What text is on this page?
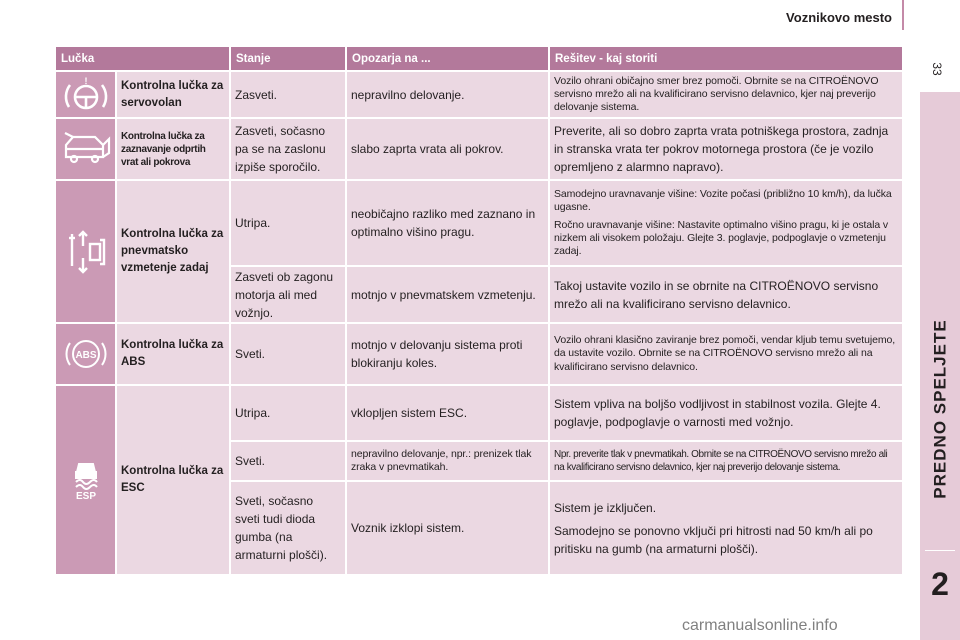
Voznikovo mesto
33
PREDNO SPELJETE
2
Lučka		Stanje	Opozarja na ...	Rešitev - kaj storiti

!	Kontrolna lučka za servovolan	Zasveti.	nepravilno delovanje.	Vozilo ohrani običajno smer brez pomoči. Obrnite se na CITROËNOVO servisno mrežo ali na kvalificirano servisno delavnico, kjer naj preverijo delovanje sistema.

	Kontrolna lučka za zaznavanje odprtih vrat ali pokrova	Zasveti, sočasno pa se na zaslonu izpiše sporočilo.	slabo zaprta vrata ali pokrov.	Preverite, ali so dobro zaprta vrata potniškega prostora, zadnja in stranska vrata ter pokrov motornega prostora (če je vozilo opremljeno z alarmno napravo).

!	Kontrolna lučka za pnevmatsko vzmetenje zadaj	Utripa.	neobičajno razliko med zaznano in optimalno višino pragu.	Samodejno uravnavanje višine: Vozite počasi (približno 10 km/h), da lučka ugasne.
Ročno uravnavanje višine: Nastavite optimalno višino pragu, ki je ostala v nizkem ali visokem položaju. Glejte 3. poglavje, podpoglavje o vzmetenju zadaj.

		Zasveti ob zagonu motorja ali med vožnjo.	motnjo v pnevmatskem vzmetenju.	Takoj ustavite vozilo in se obrnite na CITROËNOVO servisno mrežo ali na kvalificirano servisno delavnico.

ABS	Kontrolna lučka za ABS	Sveti.	motnjo v delovanju sistema proti blokiranju koles.	Vozilo ohrani klasično zaviranje brez pomoči, vendar kljub temu svetujemo, da ustavite vozilo. Obrnite se na CITROËNOVO servisno mrežo ali na kvalificirano servisno delavnico.

ESP	Kontrolna lučka za ESC	Utripa.	vklopljen sistem ESC.	Sistem vpliva na boljšo vodljivost in stabilnost vozila. Glejte 4. poglavje, podpoglavje o varnosti med vožnjo.

		Sveti.	nepravilno delovanje, npr.: prenizek tlak zraka v pnevmatikah.	Npr. preverite tlak v pnevmatikah. Obrnite se na CITROËNOVO servisno mrežo ali na kvalificirano servisno delavnico, kjer naj preverijo delovanje sistema.

		Sveti, sočasno sveti tudi dioda gumba (na armaturni plošči).	Voznik izklopi sistem.	Sistem je izključen.
Samodejno se ponovno vključi pri hitrosti nad 50 km/h ali po pritisku na gumb (na armaturni plošči).
carmanualsonline.info
